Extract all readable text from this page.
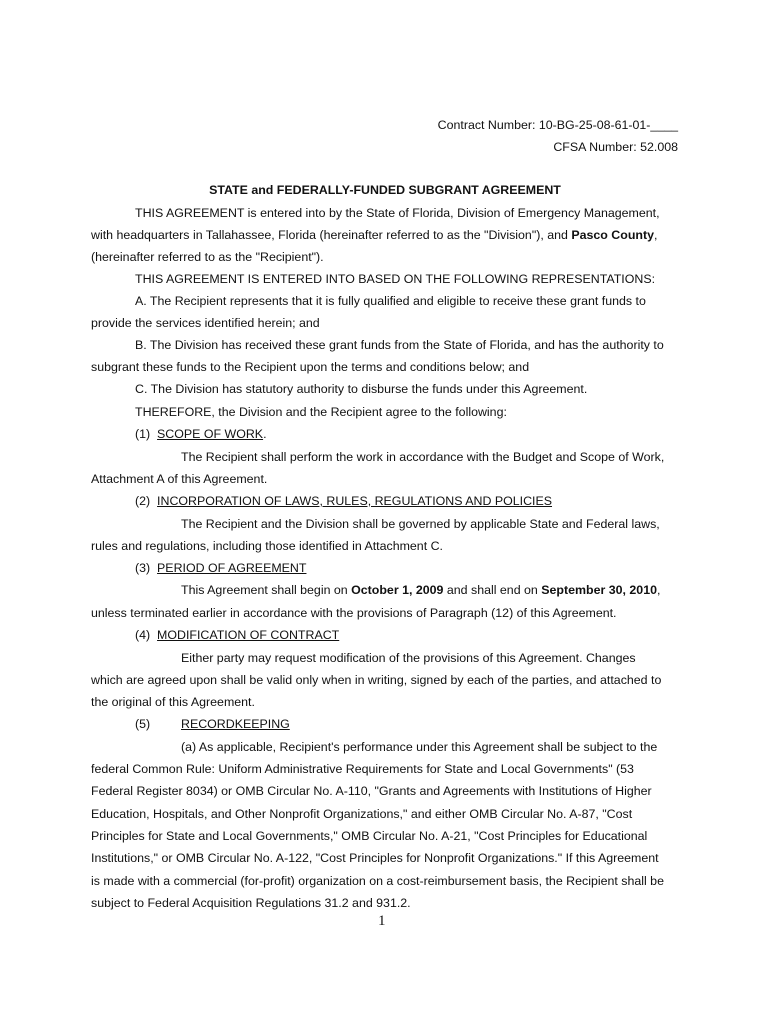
Contract Number: 10-BG-25-08-61-01-____
CFSA Number: 52.008
STATE and FEDERALLY-FUNDED SUBGRANT AGREEMENT
THIS AGREEMENT is entered into by the State of Florida, Division of Emergency Management,
with headquarters in Tallahassee, Florida (hereinafter referred to as the "Division"), and Pasco County,
(hereinafter referred to as the "Recipient").
THIS AGREEMENT IS ENTERED INTO BASED ON THE FOLLOWING REPRESENTATIONS:
A. The Recipient represents that it is fully qualified and eligible to receive these grant funds to
provide the services identified herein; and
B. The Division has received these grant funds from the State of Florida, and has the authority to
subgrant these funds to the Recipient upon the terms and conditions below; and
C. The Division has statutory authority to disburse the funds under this Agreement.
THEREFORE, the Division and the Recipient agree to the following:
(1) SCOPE OF WORK.
The Recipient shall perform the work in accordance with the Budget and Scope of Work,
Attachment A of this Agreement.
(2) INCORPORATION OF LAWS, RULES, REGULATIONS AND POLICIES
The Recipient and the Division shall be governed by applicable State and Federal laws,
rules and regulations, including those identified in Attachment C.
(3) PERIOD OF AGREEMENT
This Agreement shall begin on October 1, 2009 and shall end on September 30, 2010,
unless terminated earlier in accordance with the provisions of Paragraph (12) of this Agreement.
(4) MODIFICATION OF CONTRACT
Either party may request modification of the provisions of this Agreement. Changes
which are agreed upon shall be valid only when in writing, signed by each of the parties, and attached to
the original of this Agreement.
(5) RECORDKEEPING
(a) As applicable, Recipient's performance under this Agreement shall be subject to the
federal Common Rule: Uniform Administrative Requirements for State and Local Governments" (53
Federal Register 8034) or OMB Circular No. A-110, "Grants and Agreements with Institutions of Higher
Education, Hospitals, and Other Nonprofit Organizations," and either OMB Circular No. A-87, "Cost
Principles for State and Local Governments," OMB Circular No. A-21, "Cost Principles for Educational
Institutions," or OMB Circular No. A-122, "Cost Principles for Nonprofit Organizations." If this Agreement
is made with a commercial (for-profit) organization on a cost-reimbursement basis, the Recipient shall be
subject to Federal Acquisition Regulations 31.2 and 931.2.
1
